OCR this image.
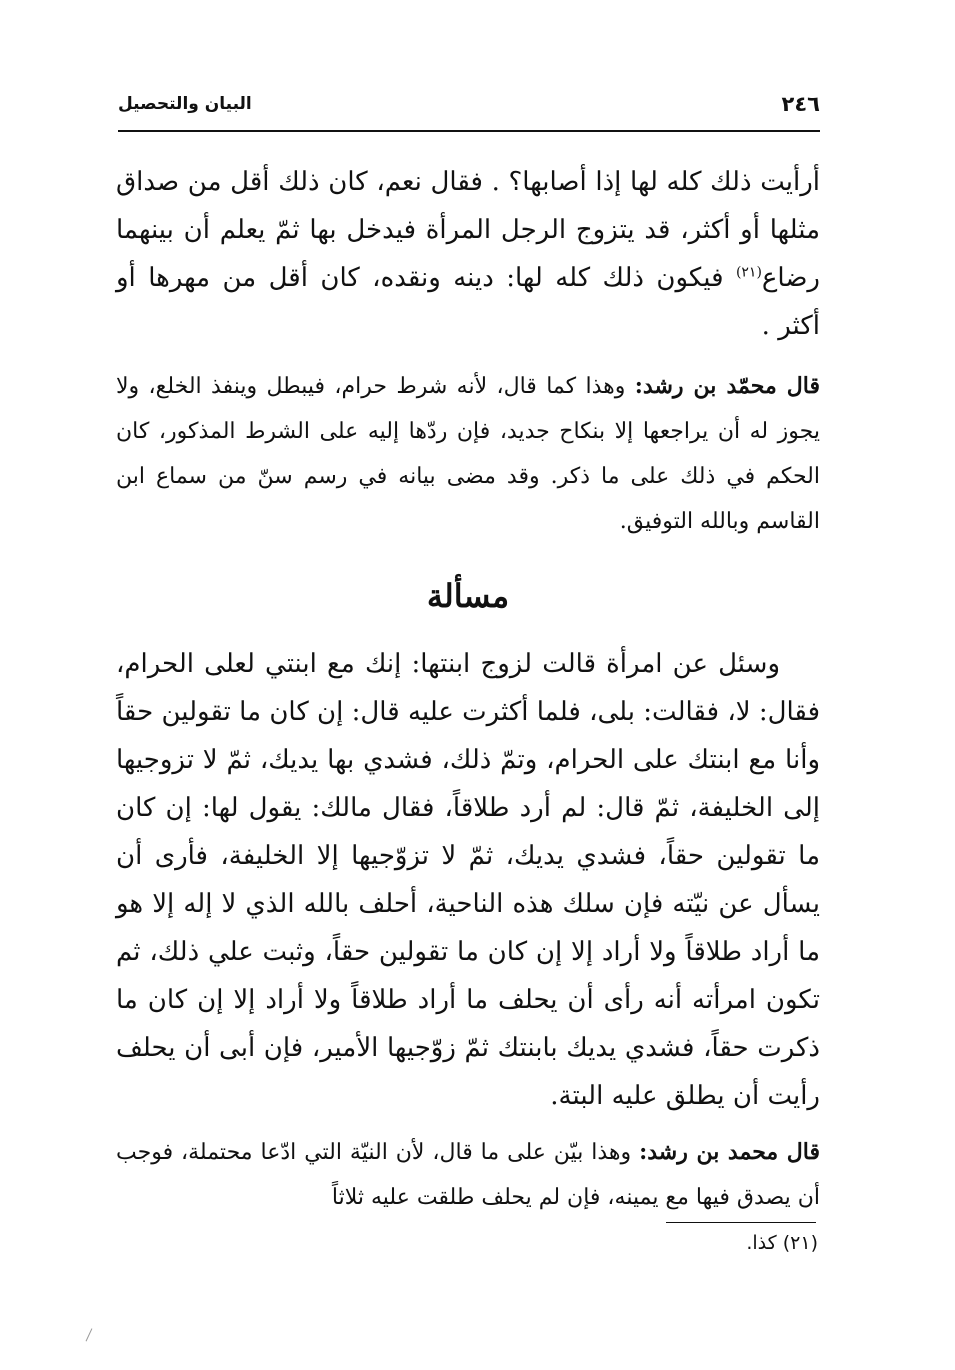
٢٤٦
البيان والتحصيل

أرأيت ذلك كله لها إذا أصابها؟ . فقال نعم، كان ذلك أقل من صداق مثلها أو أكثر، قد يتزوج الرجل المرأة فيدخل بها ثمّ يعلم أن بينهما رضاع$^{(٢١)}$ فيكون ذلك كله لها: دينه ونقده، كان أقل من مهرها أو أكثر .

قال محمّد بن رشد: وهذا كما قال، لأنه شرط حرام، فيبطل وينفذ الخلع، ولا يجوز له أن يراجعها إلا بنكاح جديد، فإن ردّها إليه على الشرط المذكور، كان الحكم في ذلك على ما ذكر. وقد مضى بيانه في رسم سنّ من سماع ابن القاسم وبالله التوفيق.

مسألة

وسئل عن امرأة قالت لزوج ابنتها: إنك مع ابنتي لعلى الحرام، فقال: لا، فقالت: بلى، فلما أكثرت عليه قال: إن كان ما تقولين حقاً وأنا مع ابنتك على الحرام، وتمّ ذلك، فشدي بها يديك، ثمّ لا تزوجيها إلى الخليفة، ثمّ قال: لم أرد طلاقاً، فقال مالك: يقول لها: إن كان ما تقولين حقاً، فشدي يديك، ثمّ لا تزوّجيها إلا الخليفة، فأرى أن يسأل عن نيّته فإن سلك هذه الناحية، أحلف بالله الذي لا إله إلا هو ما أراد طلاقاً ولا أراد إلا إن كان ما تقولين حقاً، وثبت علي ذلك، ثم تكون امرأته أنه رأى أن يحلف ما أراد طلاقاً ولا أراد إلا إن كان ما ذكرت حقاً، فشدي يديك بابنتك ثمّ زوّجيها الأمير، فإن أبى أن يحلف رأيت أن يطلق عليه البتة.

قال محمد بن رشد: وهذا بيّن على ما قال، لأن النيّة التي ادّعا محتملة، فوجب أن يصدق فيها مع يمينه، فإن لم يحلف طلقت عليه ثلاثاً

(٢١) كذا.
